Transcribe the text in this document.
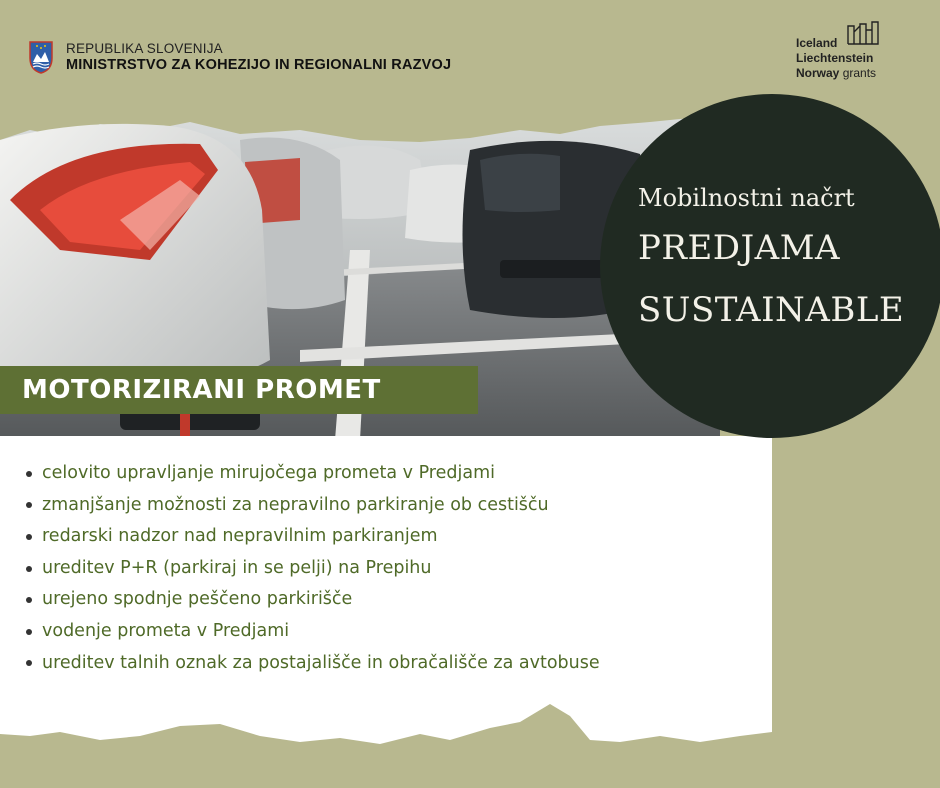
REPUBLIKA SLOVENIJA
MINISTRSTVO ZA KOHEZIJO IN REGIONALNI RAZVOJ
Iceland
Liechtenstein
Norway grants
celovito upravljanje mirujočega prometa v Predjami
zmanjšanje možnosti za nepravilno parkiranje ob cestišču
redarski nadzor nad nepravilnim parkiranjem
ureditev P+R (parkiraj in se pelji) na Prepihu
urejeno spodnje peščeno parkirišče
vodenje prometa v Predjami
ureditev talnih oznak za postajališče in obračališče za avtobuse
MOTORIZIRANI PROMET
Mobilnostni načrt
PREDJAMA
SUSTAINABLE
